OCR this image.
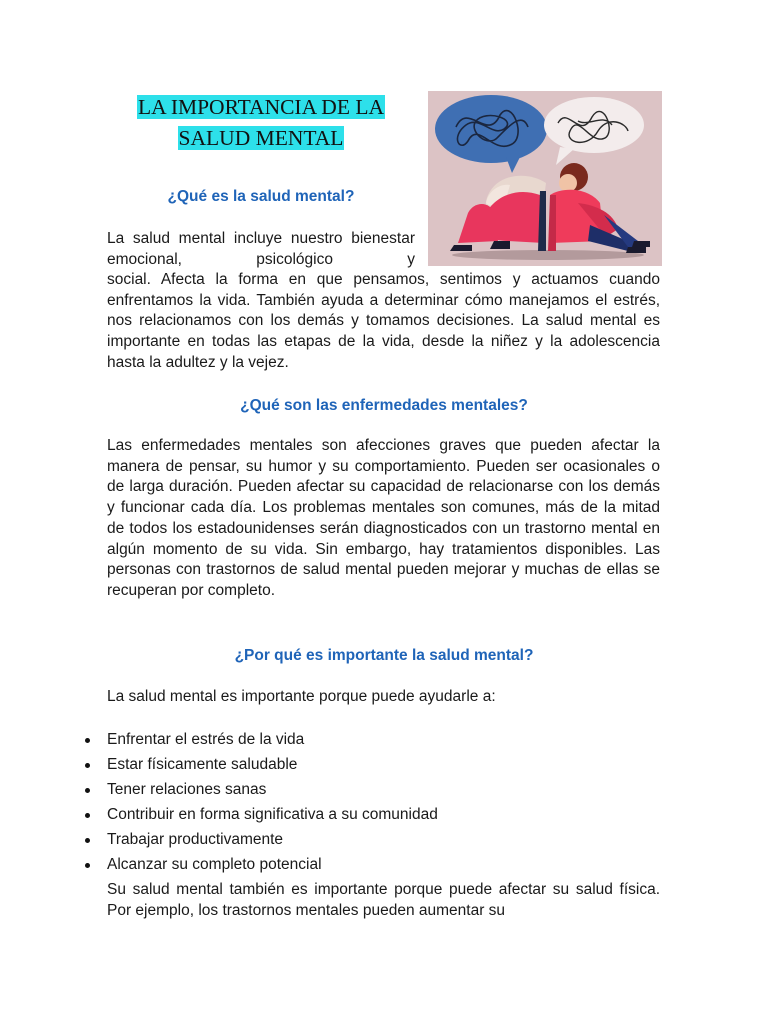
LA IMPORTANCIA DE LA
SALUD MENTAL
¿Qué es la salud mental?
La salud mental incluye nuestro bienestar emocional, psicológico y
social. Afecta la forma en que pensamos, sentimos y actuamos cuando enfrentamos la vida. También ayuda a determinar cómo manejamos el estrés, nos relacionamos con los demás y tomamos decisiones. La salud mental es importante en todas las etapas de la vida, desde la niñez y la adolescencia hasta la adultez y la vejez.
¿Qué son las enfermedades mentales?
Las enfermedades mentales son afecciones graves que pueden afectar la manera de pensar, su humor y su comportamiento. Pueden ser ocasionales o de larga duración. Pueden afectar su capacidad de relacionarse con los demás y funcionar cada día. Los problemas mentales son comunes, más de la mitad de todos los estadounidenses serán diagnosticados con un trastorno mental en algún momento de su vida. Sin embargo, hay tratamientos disponibles. Las personas con trastornos de salud mental pueden mejorar y muchas de ellas se recuperan por completo.
¿Por qué es importante la salud mental?
La salud mental es importante porque puede ayudarle a:
Enfrentar el estrés de la vida
Estar físicamente saludable
Tener relaciones sanas
Contribuir en forma significativa a su comunidad
Trabajar productivamente
Alcanzar su completo potencial
Su salud mental también es importante porque puede afectar su salud física. Por ejemplo, los trastornos mentales pueden aumentar su
